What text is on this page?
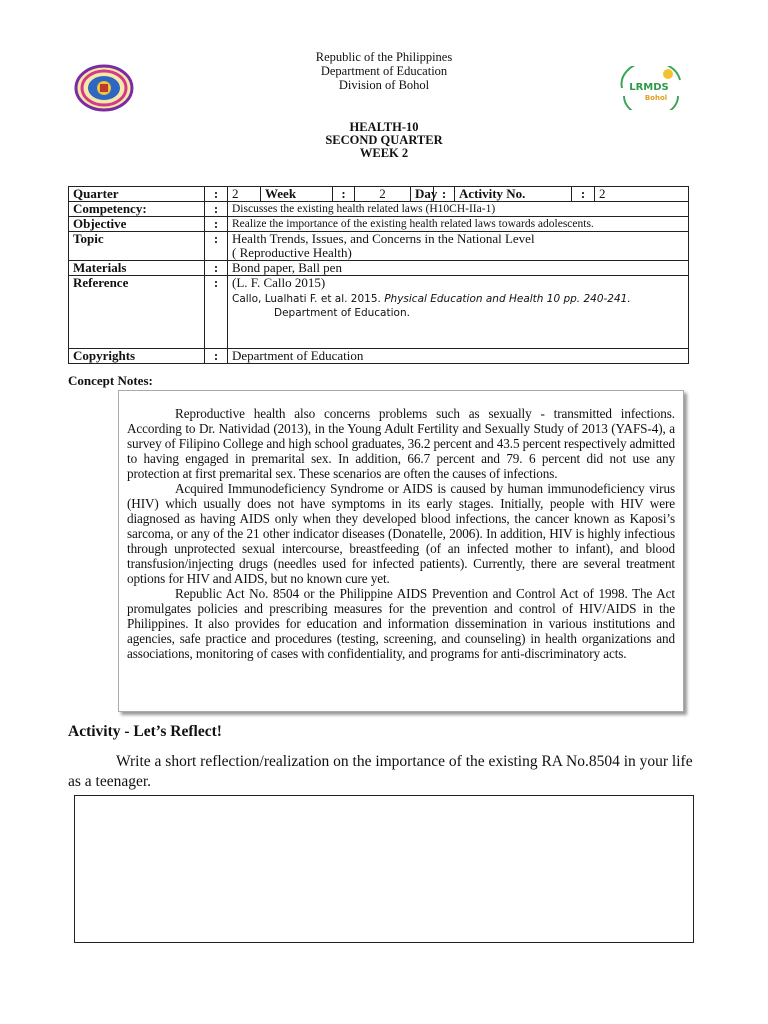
Republic of the Philippines
Department of Education
Division of Bohol	LRMDS
Bohol
HEALTH-10
SECOND QUARTER
WEEK 2
Quarter	:	2	Week	:	2	Day	:	Activity No.	:	2
Competency:	:	Discusses the existing health related laws (H10CH-IIa-1)								
Objective	:	Realize the importance of the existing health related laws towards adolescents.								
Topic	:	Health Trends, Issues, and Concerns in the National Level
( Reproductive Health)								

Materials	:	Bond paper, Ball pen								
Reference	:	(L. F. Callo 2015)
Callo, Lualhati F. et al. 2015. Physical Education and Health 10 pp. 240-241.
Department of Education.								

Copyrights	:	Department of Education								
Concept Notes:

Reproductive health also concerns problems such as sexually - transmitted infections. According to Dr. Natividad (2013), in the Young Adult Fertility and Sexually Study of 2013 (YAFS-4), a survey of Filipino College and high school graduates, 36.2 percent and 43.5 percent respectively admitted to having engaged in premarital sex. In addition, 66.7 percent and 79. 6 percent did not use any protection at first premarital sex. These scenarios are often the causes of infections.

Acquired Immunodeficiency Syndrome or AIDS is caused by human immunodeficiency virus (HIV) which usually does not have symptoms in its early stages. Initially, people with HIV were diagnosed as having AIDS only when they developed blood infections, the cancer known as Kaposi’s sarcoma, or any of the 21 other indicator diseases (Donatelle, 2006). In addition, HIV is highly infectious through unprotected sexual intercourse, breastfeeding (of an infected mother to infant), and blood transfusion/injecting drugs (needles used for infected patients). Currently, there are several treatment options for HIV and AIDS, but no known cure yet.

Republic Act No. 8504 or the Philippine AIDS Prevention and Control Act of 1998. The Act promulgates policies and prescribing measures for the prevention and control of HIV/AIDS in the Philippines. It also provides for education and information dissemination in various institutions and agencies, safe practice and procedures (testing, screening, and counseling) in health organizations and associations, monitoring of cases with confidentiality, and programs for anti-discriminatory acts.

Activity - Let’s Reflect!
Write a short reflection/realization on the importance of the existing RA No.8504 in your life as a teenager.
